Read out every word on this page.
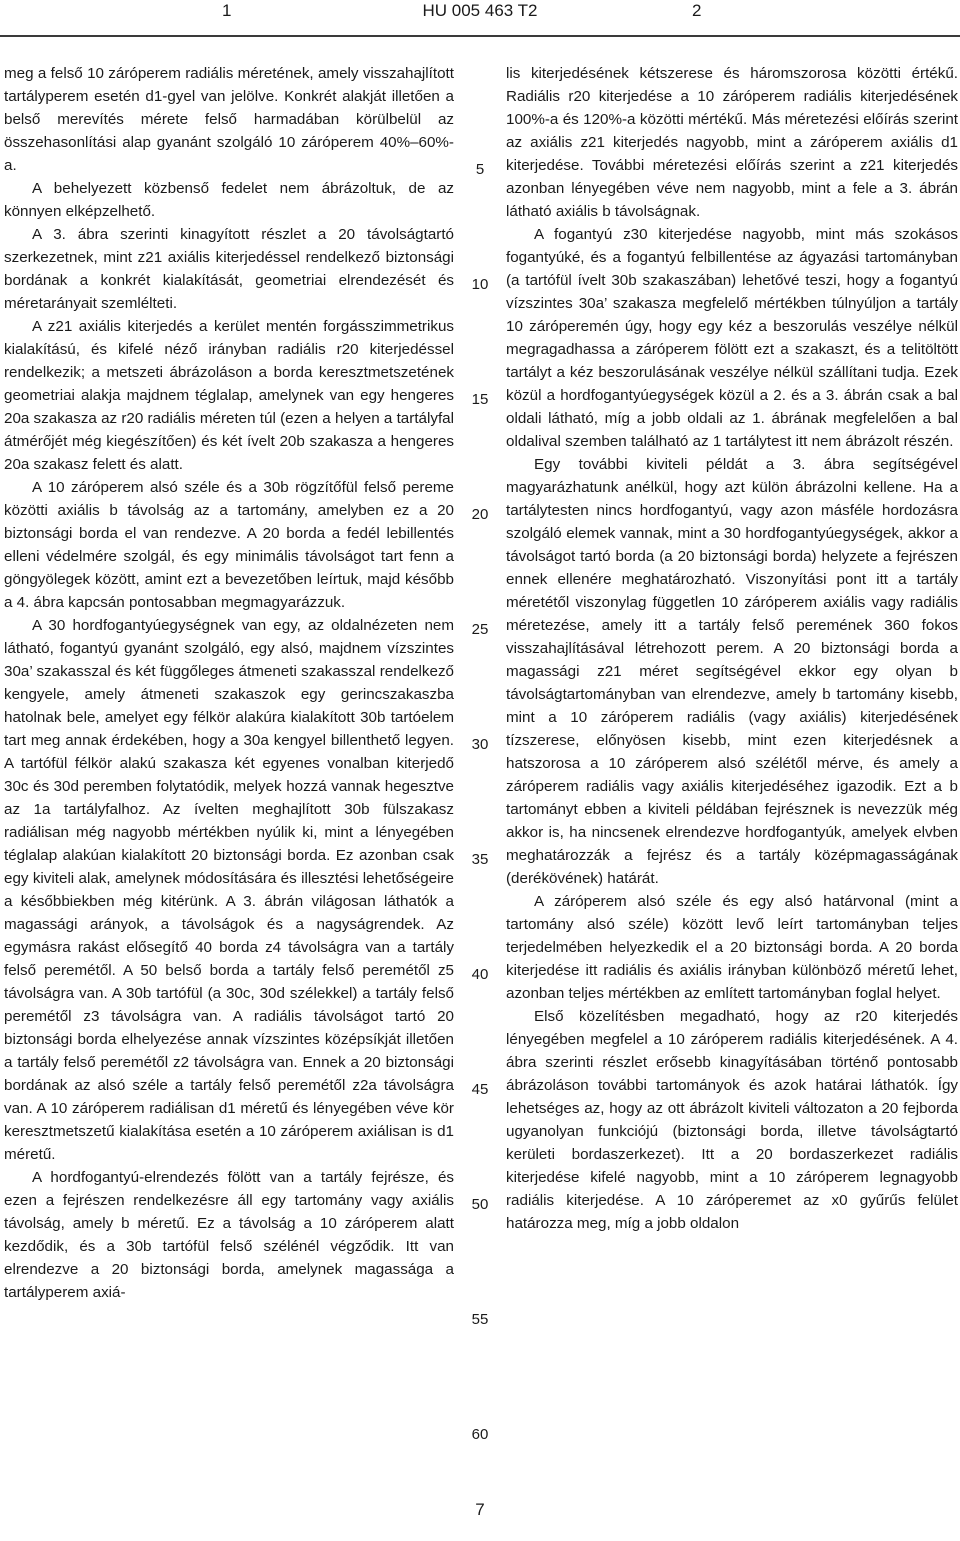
1	HU 005 463 T2	2

meg a felső 10 záróperem radiális méretének, amely visszahajlított tartályperem esetén d1-gyel van jelölve. Konkrét alakját illetően a belső merevítés mérete felső harmadában körülbelül az összehasonlítási alap gyanánt szolgáló 10 záróperem 40%–60%-a.

A behelyezett közbenső fedelet nem ábrázoltuk, de az könnyen elképzelhető.

A 3. ábra szerinti kinagyított részlet a 20 távolságtartó szerkezetnek, mint z21 axiális kiterjedéssel rendelkező biztonsági bordának a konkrét kialakítását, geometriai elrendezését és méretarányait szemlélteti.

A z21 axiális kiterjedés a kerület mentén forgásszimmetrikus kialakítású, és kifelé néző irányban radiális r20 kiterjedéssel rendelkezik; a metszeti ábrázoláson a borda keresztmetszetének geometriai alakja majdnem téglalap, amelynek van egy hengeres 20a szakasza az r20 radiális méreten túl (ezen a helyen a tartályfal átmérőjét még kiegészítően) és két ívelt 20b szakasza a hengeres 20a szakasz felett és alatt.

A 10 záróperem alsó széle és a 30b rögzítőfül felső pereme közötti axiális b távolság az a tartomány, amelyben ez a 20 biztonsági borda el van rendezve. A 20 borda a fedél lebillentés elleni védelmére szolgál, és egy minimális távolságot tart fenn a göngyölegek között, amint ezt a bevezetőben leírtuk, majd később a 4. ábra kapcsán pontosabban megmagyarázzuk.

A 30 hordfogantyúegységnek van egy, az oldalnézeten nem látható, fogantyú gyanánt szolgáló, egy alsó, majdnem vízszintes 30a’ szakasszal és két függőleges átmeneti szakasszal rendelkező kengyele, amely átmeneti szakaszok egy gerincszakaszba hatolnak bele, amelyet egy félkör alakúra kialakított 30b tartóelem tart meg annak érdekében, hogy a 30a kengyel billenthető legyen. A tartófül félkör alakú szakasza két egyenes vonalban kiterjedő 30c és 30d peremben folytatódik, melyek hozzá vannak hegesztve az 1a tartályfalhoz. Az ívelten meghajlított 30b fülszakasz radiálisan még nagyobb mértékben nyúlik ki, mint a lényegében téglalap alakúan kialakított 20 biztonsági borda. Ez azonban csak egy kiviteli alak, amelynek módosítására és illesztési lehetőségeire a későbbiekben még kitérünk. A 3. ábrán világosan láthatók a magassági arányok, a távolságok és a nagyságrendek. Az egymásra rakást elősegítő 40 borda z4 távolságra van a tartály felső peremétől. A 50 belső borda a tartály felső peremétől z5 távolságra van. A 30b tartófül (a 30c, 30d szélekkel) a tartály felső peremétől z3 távolságra van. A radiális távolságot tartó 20 biztonsági borda elhelyezése annak vízszintes középsíkját illetően a tartály felső peremétől z2 távolságra van. Ennek a 20 biztonsági bordának az alsó széle a tartály felső peremétől z2a távolságra van. A 10 záróperem radiálisan d1 méretű és lényegében véve kör keresztmetszetű kialakítása esetén a 10 záróperem axiálisan is d1 méretű.

A hordfogantyú-elrendezés fölött van a tartály fejrésze, és ezen a fejrészen rendelkezésre áll egy tartomány vagy axiális távolság, amely b méretű. Ez a távolság a 10 záróperem alatt kezdődik, és a 30b tartófül felső szélénél végződik. Itt van elrendezve a 20 biztonsági borda, amelynek magassága a tartályperem axiá-

5
10
15
20
25
30
35
40
45
50
55
60

lis kiterjedésének kétszerese és háromszorosa közötti értékű. Radiális r20 kiterjedése a 10 záróperem radiális kiterjedésének 100%-a és 120%-a közötti mértékű. Más méretezési előírás szerint az axiális z21 kiterjedés nagyobb, mint a záróperem axiális d1 kiterjedése. További méretezési előírás szerint a z21 kiterjedés azonban lényegében véve nem nagyobb, mint a fele a 3. ábrán látható axiális b távolságnak.

A fogantyú z30 kiterjedése nagyobb, mint más szokásos fogantyúké, és a fogantyú felbillentése az ágyazási tartományban (a tartófül ívelt 30b szakaszában) lehetővé teszi, hogy a fogantyú vízszintes 30a’ szakasza megfelelő mértékben túlnyúljon a tartály 10 záróperemén úgy, hogy egy kéz a beszorulás veszélye nélkül megragadhassa a záróperem fölött ezt a szakaszt, és a telitöltött tartályt a kéz beszorulásának veszélye nélkül szállítani tudja. Ezek közül a hordfogantyúegységek közül a 2. és a 3. ábrán csak a bal oldali látható, míg a jobb oldali az 1. ábrának megfelelően a bal oldalival szemben található az 1 tartálytest itt nem ábrázolt részén.

Egy további kiviteli példát a 3. ábra segítségével magyarázhatunk anélkül, hogy azt külön ábrázolni kellene. Ha a tartálytesten nincs hordfogantyú, vagy azon másféle hordozásra szolgáló elemek vannak, mint a 30 hordfogantyúegységek, akkor a távolságot tartó borda (a 20 biztonsági borda) helyzete a fejrészen ennek ellenére meghatározható. Viszonyítási pont itt a tartály méretétől viszonylag független 10 záróperem axiális vagy radiális méretezése, amely itt a tartály felső peremének 360 fokos visszahajlításával létrehozott perem. A 20 biztonsági borda a magassági z21 méret segítségével ekkor egy olyan b távolságtartományban van elrendezve, amely b tartomány kisebb, mint a 10 záróperem radiális (vagy axiális) kiterjedésének tízszerese, előnyösen kisebb, mint ezen kiterjedésnek a hatszorosa a 10 záróperem alsó szélétől mérve, és amely a záróperem radiális vagy axiális kiterjedéséhez igazodik. Ezt a b tartományt ebben a kiviteli példában fejrésznek is nevezzük még akkor is, ha nincsenek elrendezve hordfogantyúk, amelyek elvben meghatározzák a fejrész és a tartály középmagasságának (derékövének) határát.

A záróperem alsó széle és egy alsó határvonal (mint a tartomány alsó széle) között levő leírt tartományban teljes terjedelmében helyezkedik el a 20 biztonsági borda. A 20 borda kiterjedése itt radiális és axiális irányban különböző méretű lehet, azonban teljes mértékben az említett tartományban foglal helyet.

Első közelítésben megadható, hogy az r20 kiterjedés lényegében megfelel a 10 záróperem radiális kiterjedésének. A 4. ábra szerinti részlet erősebb kinagyításában történő pontosabb ábrázoláson további tartományok és azok határai láthatók. Így lehetséges az, hogy az ott ábrázolt kiviteli változaton a 20 fejborda ugyanolyan funkciójú (biztonsági borda, illetve távolságtartó kerületi bordaszerkezet). Itt a 20 bordaszerkezet radiális kiterjedése kifelé nagyobb, mint a 10 záróperem legnagyobb radiális kiterjedése. A 10 záróperemet az x0 gyűrűs felület határozza meg, míg a jobb oldalon

7
